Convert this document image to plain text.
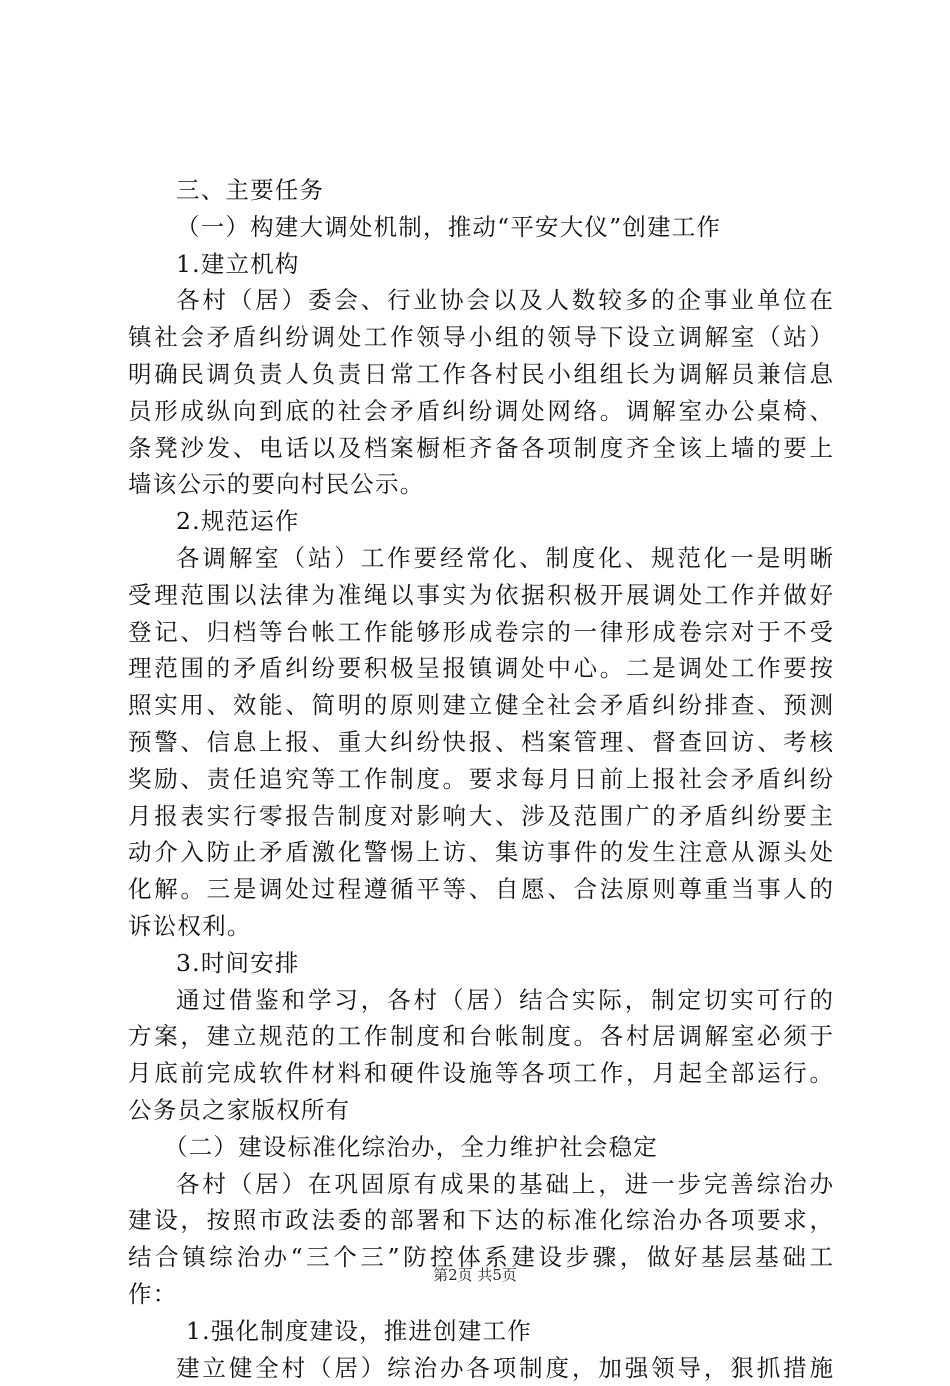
三、主要任务
（一）构建大调处机制，推动“平安大仪”创建工作
1.建立机构
各村（居）委会、行业协会以及人数较多的企事业单位在
镇社会矛盾纠纷调处工作领导小组的领导下设立调解室（站）
明确民调负责人负责日常工作各村民小组组长为调解员兼信息
员形成纵向到底的社会矛盾纠纷调处网络。调解室办公桌椅、
条凳沙发、电话以及档案橱柜齐备各项制度齐全该上墙的要上
墙该公示的要向村民公示。
2.规范运作
各调解室（站）工作要经常化、制度化、规范化一是明晰
受理范围以法律为准绳以事实为依据积极开展调处工作并做好
登记、归档等台帐工作能够形成卷宗的一律形成卷宗对于不受
理范围的矛盾纠纷要积极呈报镇调处中心。二是调处工作要按
照实用、效能、简明的原则建立健全社会矛盾纠纷排查、预测
预警、信息上报、重大纠纷快报、档案管理、督查回访、考核
奖励、责任追究等工作制度。要求每月日前上报社会矛盾纠纷
月报表实行零报告制度对影响大、涉及范围广的矛盾纠纷要主
动介入防止矛盾激化警惕上访、集访事件的发生注意从源头处
化解。三是调处过程遵循平等、自愿、合法原则尊重当事人的
诉讼权利。
3.时间安排
通过借鉴和学习，各村（居）结合实际，制定切实可行的
方案，建立规范的工作制度和台帐制度。各村居调解室必须于
月底前完成软件材料和硬件设施等各项工作，月起全部运行。
公务员之家版权所有
（二）建设标准化综治办，全力维护社会稳定
各村（居）在巩固原有成果的基础上，进一步完善综治办
建设，按照市政法委的部署和下达的标准化综治办各项要求，
结合镇综治办“三个三”防控体系建设步骤，做好基层基础工
作：
1.强化制度建设，推进创建工作
建立健全村（居）综治办各项制度，加强领导，狠抓措施
第2页 共5页
